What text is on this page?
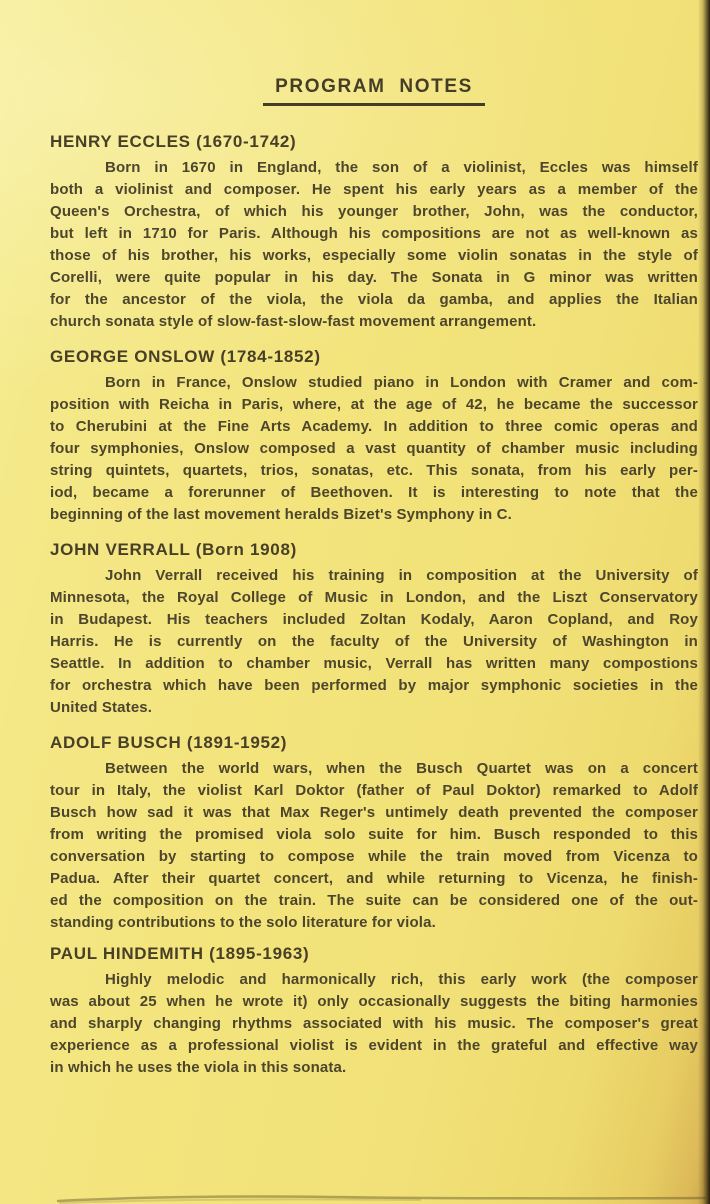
PROGRAM NOTES
HENRY ECCLES (1670-1742)
Born in 1670 in England, the son of a violinist, Eccles was himself
both a violinist and composer. He spent his early years as a member of the
Queen's Orchestra, of which his younger brother, John, was the conductor,
but left in 1710 for Paris. Although his compositions are not as well-known as
those of his brother, his works, especially some violin sonatas in the style of
Corelli, were quite popular in his day. The Sonata in G minor was written
for the ancestor of the viola, the viola da gamba, and applies the Italian
church sonata style of slow-fast-slow-fast movement arrangement.
GEORGE ONSLOW (1784-1852)
Born in France, Onslow studied piano in London with Cramer and com-
position with Reicha in Paris, where, at the age of 42, he became the successor
to Cherubini at the Fine Arts Academy. In addition to three comic operas and
four symphonies, Onslow composed a vast quantity of chamber music including
string quintets, quartets, trios, sonatas, etc. This sonata, from his early per-
iod, became a forerunner of Beethoven. It is interesting to note that the
beginning of the last movement heralds Bizet's Symphony in C.
JOHN VERRALL (Born 1908)
John Verrall received his training in composition at the University of
Minnesota, the Royal College of Music in London, and the Liszt Conservatory
in Budapest. His teachers included Zoltan Kodaly, Aaron Copland, and Roy
Harris. He is currently on the faculty of the University of Washington in
Seattle. In addition to chamber music, Verrall has written many compostions
for orchestra which have been performed by major symphonic societies in the
United States.
ADOLF BUSCH (1891-1952)
Between the world wars, when the Busch Quartet was on a concert
tour in Italy, the violist Karl Doktor (father of Paul Doktor) remarked to Adolf
Busch how sad it was that Max Reger's untimely death prevented the composer
from writing the promised viola solo suite for him. Busch responded to this
conversation by starting to compose while the train moved from Vicenza to
Padua. After their quartet concert, and while returning to Vicenza, he finish-
ed the composition on the train. The suite can be considered one of the out-
standing contributions to the solo literature for viola.
PAUL HINDEMITH (1895-1963)
Highly melodic and harmonically rich, this early work (the composer
was about 25 when he wrote it) only occasionally suggests the biting harmonies
and sharply changing rhythms associated with his music. The composer's great
experience as a professional violist is evident in the grateful and effective way
in which he uses the viola in this sonata.
